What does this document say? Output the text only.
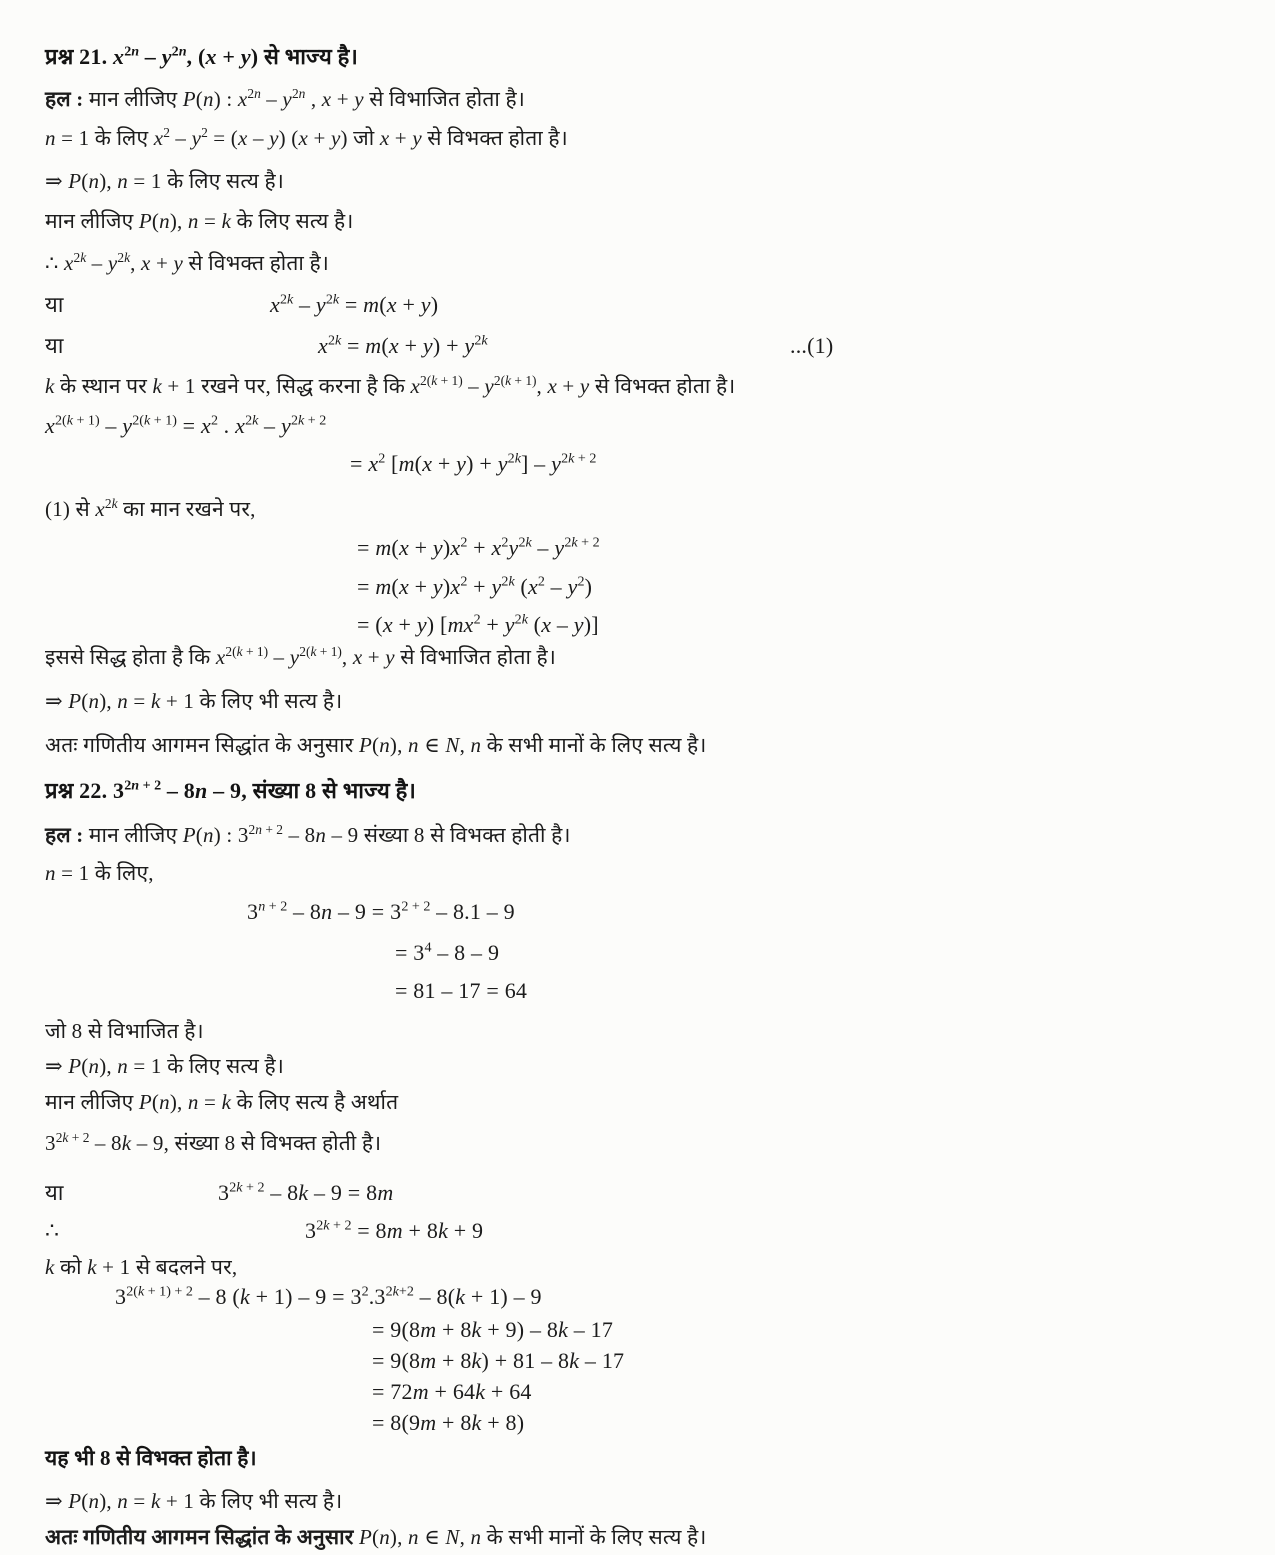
प्रश्न 21. $x^{2n} - y^{2n}$, (x + y) से भाज्य है।
हल : मान लीजिए P(n) : $x^{2n} - y^{2n}$ , x + y से विभाजित होता है।
n = 1 के लिए $x^2 - y^2 = (x - y) (x + y)$ जो x + y से विभक्त होता है।
⇒ P(n), n = 1 के लिए सत्य है।
मान लीजिए P(n), n = k के लिए सत्य है।
∴ $x^{2k} - y^{2k}$, x + y से विभक्त होता है।
या	$x^{2k} - y^{2k} = m(x + y)$
या	$x^{2k} = m(x + y) + y^{2k}$	...(1)
k के स्थान पर k + 1 रखने पर, सिद्ध करना है कि $x^{2(k + 1)} - y^{2(k + 1)}$, x + y से विभक्त होता है।
$x^{2(k + 1)} - y^{2(k + 1)} = x^2$ . $x^{2k} - y^{2k + 2}$
= $x^2$ $[m(x + y) + y^{2k}] - y^{2k + 2}$
(1) से $x^{2k}$ का मान रखने पर,
= $m(x + y)x^2 + x^2y^{2k} - y^{2k + 2}$
= $m(x + y)x^2 + y^{2k}$ $(x^2 - y^2)$
= (x + y) [$mx^2 + y^{2k}$ (x – y)]
इससे सिद्ध होता है कि $x^{2(k + 1)} - y^{2(k + 1)}$, x + y से विभाजित होता है।
⇒ P(n), n = k + 1 के लिए भी सत्य है।
अतः गणितीय आगमन सिद्धांत के अनुसार P(n), n ∈ N, n के सभी मानों के लिए सत्य है।
प्रश्न 22. $3^{2n + 2} - 8n - 9$, संख्या 8 से भाज्य है।
हल : मान लीजिए P(n) : $3^{2n + 2} - 8n - 9$ संख्या 8 से विभक्त होती है।
n = 1 के लिए,
$3^{n + 2} - 8n - 9 = 3^{2 + 2} - 8.1 - 9$
= $3^4 - 8 - 9$
= 81 – 17 = 64
जो 8 से विभाजित है।
⇒ P(n), n = 1 के लिए सत्य है।
मान लीजिए P(n), n = k के लिए सत्य है अर्थात
$3^{2k + 2} - 8k - 9$, संख्या 8 से विभक्त होती है।
या	$3^{2k + 2} - 8k - 9 = 8m$
∴	$3^{2k + 2} = 8m + 8k + 9$
k को k + 1 से बदलने पर,
$3^{2(k + 1) + 2} - 8$ $(k + 1) - 9 = 3^2.3^{2k+2} - 8(k + 1) - 9$
= 9(8m + 8k + 9) – 8k – 17
= 9(8m + 8k) + 81 – 8k – 17
= 72m + 64k + 64
= 8(9m + 8k + 8)
यह भी 8 से विभक्त होता है।
⇒ P(n), n = k + 1 के लिए भी सत्य है।
अतः गणितीय आगमन सिद्धांत के अनुसार P(n), n ∈ N, n के सभी मानों के लिए सत्य है।
